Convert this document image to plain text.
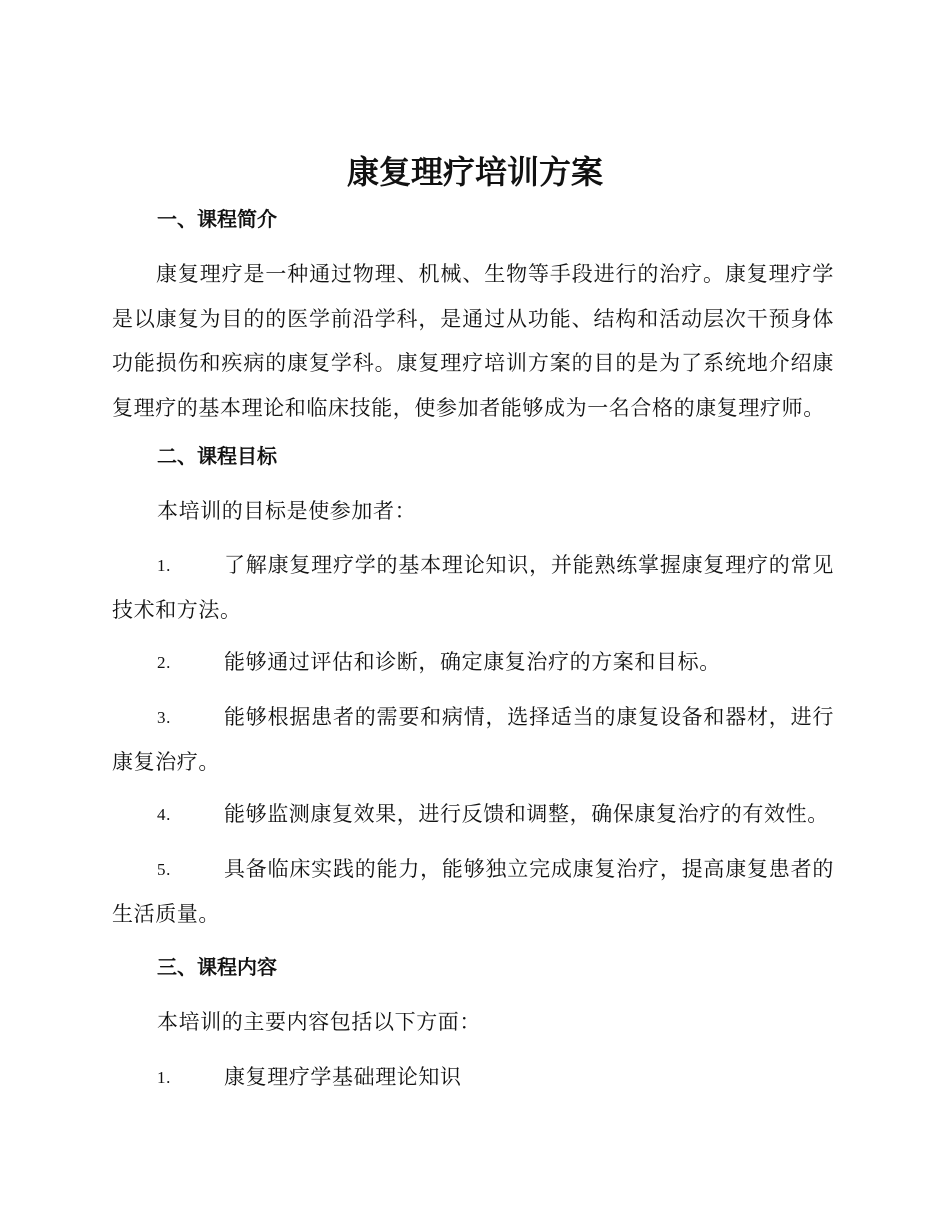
康复理疗培训方案
一、课程简介
康复理疗是一种通过物理、机械、生物等手段进行的治疗。康复理疗学是以康复为目的的医学前沿学科，是通过从功能、结构和活动层次干预身体功能损伤和疾病的康复学科。康复理疗培训方案的目的是为了系统地介绍康复理疗的基本理论和临床技能，使参加者能够成为一名合格的康复理疗师。
二、课程目标
本培训的目标是使参加者：
1.	了解康复理疗学的基本理论知识，并能熟练掌握康复理疗的常见技术和方法。
2.	能够通过评估和诊断，确定康复治疗的方案和目标。
3.	能够根据患者的需要和病情，选择适当的康复设备和器材，进行康复治疗。
4.	能够监测康复效果，进行反馈和调整，确保康复治疗的有效性。
5.	具备临床实践的能力，能够独立完成康复治疗，提高康复患者的生活质量。
三、课程内容
本培训的主要内容包括以下方面：
1.	康复理疗学基础理论知识
